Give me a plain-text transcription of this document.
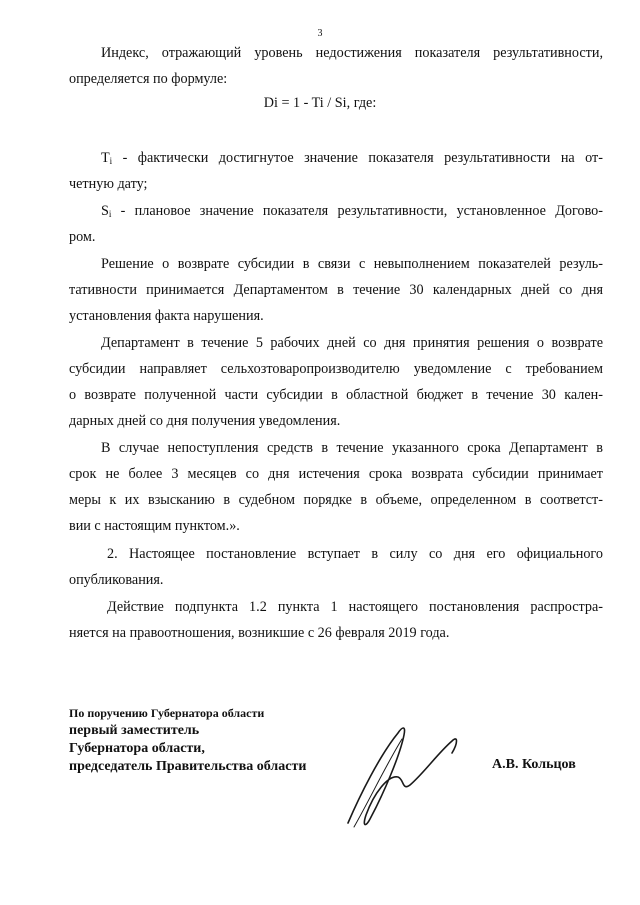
3
Индекс, отражающий уровень недостижения показателя результативности,
определяется по формуле:
Di = 1 - Ti / Si, где:
$T_i$ - фактически достигнутое значение показателя результативности на от-
четную дату;
$S_i$ - плановое значение показателя результативности, установленное Догово-
ром.
Решение о возврате субсидии в связи с невыполнением показателей резуль-
тативности принимается Департаментом в течение 30 календарных дней со дня
установления факта нарушения.
Департамент в течение 5 рабочих дней со дня принятия решения о возврате
субсидии направляет сельхозтоваропроизводителю уведомление с требованием
о возврате полученной части субсидии в областной бюджет в течение 30 кален-
дарных дней со дня получения уведомления.
В случае непоступления средств в течение указанного срока Департамент в
срок не более 3 месяцев со дня истечения срока возврата субсидии принимает
меры к их взысканию в судебном порядке в объеме, определенном в соответст-
вии с настоящим пунктом.».
2. Настоящее постановление вступает в силу со дня его официального
опубликования.
Действие подпункта 1.2 пункта 1 настоящего постановления распростра-
няется на правоотношения, возникшие с 26 февраля 2019 года.
По поручению Губернатора области
первый заместитель
Губернатора области,
председатель Правительства области	А.В. Кольцов
